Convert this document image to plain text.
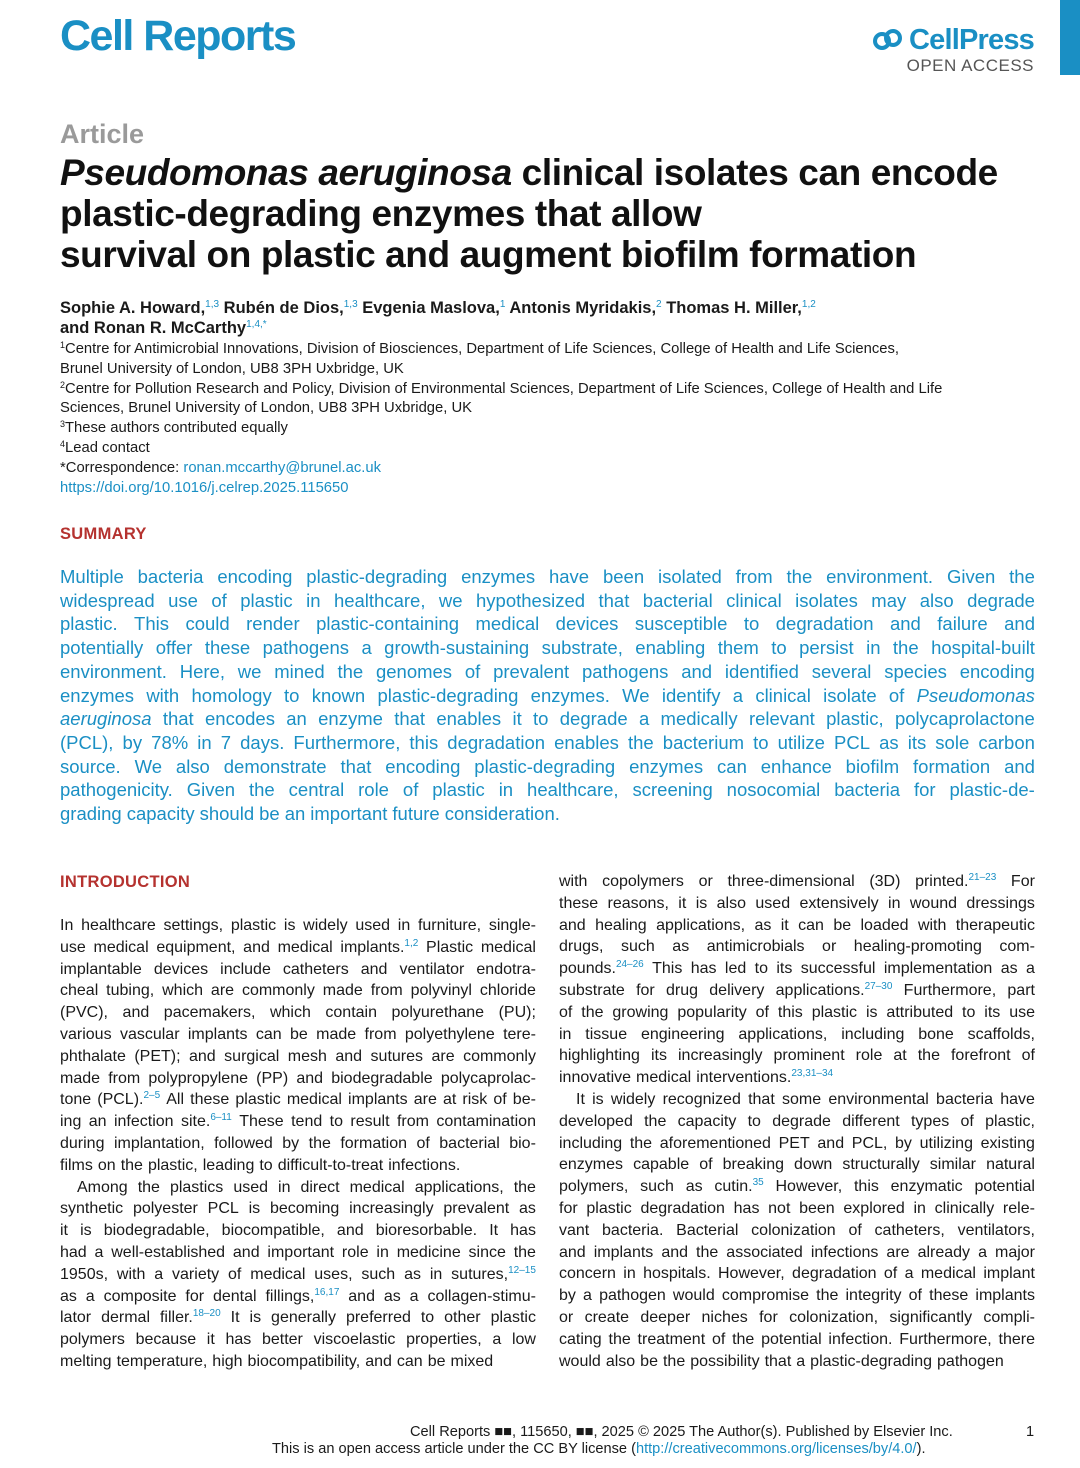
Cell Reports	CellPress
OPEN ACCESS
Article
Pseudomonas aeruginosa clinical isolates can encode
plastic-degrading enzymes that allow
survival on plastic and augment biofilm formation
Sophie A. Howard,$^{1,3}$ Rubén de Dios,$^{1,3}$ Evgenia Maslova,$^1$ Antonis Myridakis,$^2$ Thomas H. Miller,$^{1,2}$
and Ronan R. McCarthy$^{1,4,*}$
$^1$Centre for Antimicrobial Innovations, Division of Biosciences, Department of Life Sciences, College of Health and Life Sciences,
Brunel University of London, UB8 3PH Uxbridge, UK
$^2$Centre for Pollution Research and Policy, Division of Environmental Sciences, Department of Life Sciences, College of Health and Life
Sciences, Brunel University of London, UB8 3PH Uxbridge, UK
$^3$These authors contributed equally
$^4$Lead contact
*Correspondence: ronan.mccarthy@brunel.ac.uk
https://doi.org/10.1016/j.celrep.2025.115650
SUMMARY
Multiple bacteria encoding plastic-degrading enzymes have been isolated from the environment. Given the
widespread use of plastic in healthcare, we hypothesized that bacterial clinical isolates may also degrade
plastic. This could render plastic-containing medical devices susceptible to degradation and failure and
potentially offer these pathogens a growth-sustaining substrate, enabling them to persist in the hospital-built
environment. Here, we mined the genomes of prevalent pathogens and identified several species encoding
enzymes with homology to known plastic-degrading enzymes. We identify a clinical isolate of Pseudomonas
aeruginosa that encodes an enzyme that enables it to degrade a medically relevant plastic, polycaprolactone
(PCL), by 78% in 7 days. Furthermore, this degradation enables the bacterium to utilize PCL as its sole carbon
source. We also demonstrate that encoding plastic-degrading enzymes can enhance biofilm formation and
pathogenicity. Given the central role of plastic in healthcare, screening nosocomial bacteria for plastic-de-
grading capacity should be an important future consideration.
INTRODUCTION
In healthcare settings, plastic is widely used in furniture, single-
use medical equipment, and medical implants.$^{1,2}$ Plastic medical
implantable devices include catheters and ventilator endotra-
cheal tubing, which are commonly made from polyvinyl chloride
(PVC), and pacemakers, which contain polyurethane (PU);
various vascular implants can be made from polyethylene tere-
phthalate (PET); and surgical mesh and sutures are commonly
made from polypropylene (PP) and biodegradable polycaprolac-
tone (PCL).$^{2-5}$ All these plastic medical implants are at risk of be-
ing an infection site.$^{6-11}$ These tend to result from contamination
during implantation, followed by the formation of bacterial bio-
films on the plastic, leading to difficult-to-treat infections.
Among the plastics used in direct medical applications, the
synthetic polyester PCL is becoming increasingly prevalent as
it is biodegradable, biocompatible, and bioresorbable. It has
had a well-established and important role in medicine since the
1950s, with a variety of medical uses, such as in sutures,$^{12-15}$
as a composite for dental fillings,$^{16,17}$ and as a collagen-stimu-
lator dermal filler.$^{18-20}$ It is generally preferred to other plastic
polymers because it has better viscoelastic properties, a low
melting temperature, high biocompatibility, and can be mixed
with copolymers or three-dimensional (3D) printed.$^{21-23}$ For
these reasons, it is also used extensively in wound dressings
and healing applications, as it can be loaded with therapeutic
drugs, such as antimicrobials or healing-promoting com-
pounds.$^{24-26}$ This has led to its successful implementation as a
substrate for drug delivery applications.$^{27-30}$ Furthermore, part
of the growing popularity of this plastic is attributed to its use
in tissue engineering applications, including bone scaffolds,
highlighting its increasingly prominent role at the forefront of
innovative medical interventions.$^{23,31-34}$
It is widely recognized that some environmental bacteria have
developed the capacity to degrade different types of plastic,
including the aforementioned PET and PCL, by utilizing existing
enzymes capable of breaking down structurally similar natural
polymers, such as cutin.$^{35}$ However, this enzymatic potential
for plastic degradation has not been explored in clinically rele-
vant bacteria. Bacterial colonization of catheters, ventilators,
and implants and the associated infections are already a major
concern in hospitals. However, degradation of a medical implant
by a pathogen would compromise the integrity of these implants
or create deeper niches for colonization, significantly compli-
cating the treatment of the potential infection. Furthermore, there
would also be the possibility that a plastic-degrading pathogen
Cell Reports ■■, 115650, ■■, 2025 © 2025 The Author(s). Published by Elsevier Inc.	1
This is an open access article under the CC BY license (http://creativecommons.org/licenses/by/4.0/).
